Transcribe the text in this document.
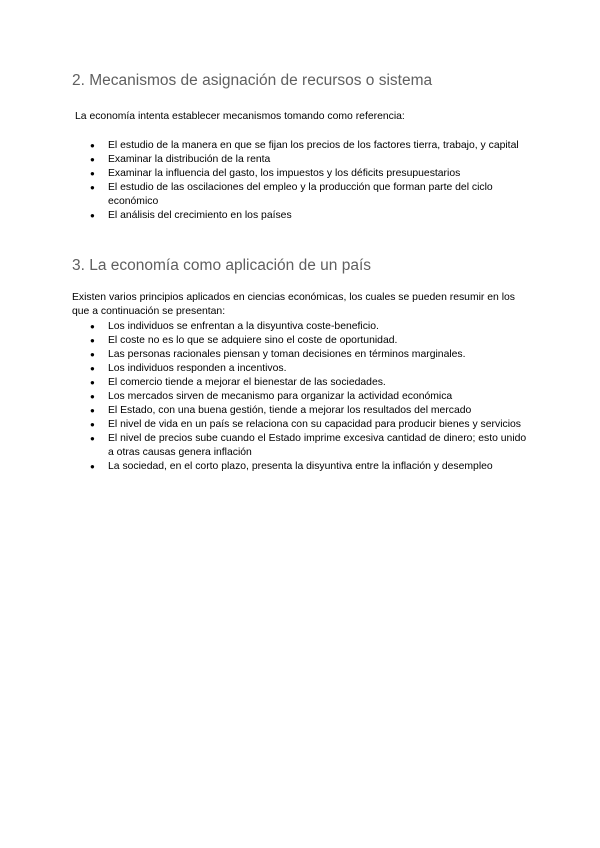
2. Mecanismos de asignación de recursos o sistema

La economía intenta establecer mecanismos tomando como referencia:

● El estudio de la manera en que se fijan los precios de los factores tierra, trabajo, y capital
● Examinar la distribución de la renta
● Examinar la influencia del gasto, los impuestos y los déficits presupuestarios
● El estudio de las oscilaciones del empleo y la producción que forman parte del ciclo económico
● El análisis del crecimiento en los países
3. La economía como aplicación de un país

Existen varios principios aplicados en ciencias económicas, los cuales se pueden resumir en los que a continuación se presentan:

● Los individuos se enfrentan a la disyuntiva coste-beneficio.
● El coste no es lo que se adquiere sino el coste de oportunidad.
● Las personas racionales piensan y toman decisiones en términos marginales.
● Los individuos responden a incentivos.
● El comercio tiende a mejorar el bienestar de las sociedades.
● Los mercados sirven de mecanismo para organizar la actividad económica
● El Estado, con una buena gestión, tiende a mejorar los resultados del mercado
● El nivel de vida en un país se relaciona con su capacidad para producir bienes y servicios
● El nivel de precios sube cuando el Estado imprime excesiva cantidad de dinero; esto unido a otras causas genera inflación
● La sociedad, en el corto plazo, presenta la disyuntiva entre la inflación y desempleo
